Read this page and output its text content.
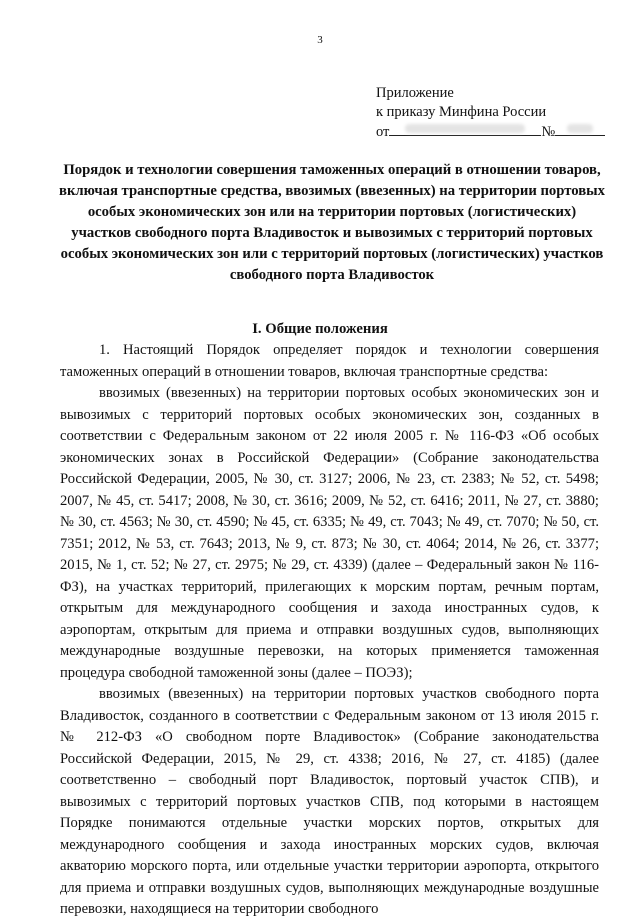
3
Приложение
к приказу Минфина России
от	№
Порядок и технологии совершения таможенных операций в отношении товаров, включая транспортные средства, ввозимых (ввезенных) на территории портовых особых экономических зон или на территории портовых (логистических) участков свободного порта Владивосток и вывозимых с территорий портовых особых экономических зон или с территорий портовых (логистических) участков свободного порта Владивосток
I. Общие положения

1. Настоящий Порядок определяет порядок и технологии совершения таможенных операций в отношении товаров, включая транспортные средства:

ввозимых (ввезенных) на территории портовых особых экономических зон и вывозимых с территорий портовых особых экономических зон, созданных в соответствии с Федеральным законом от 22 июля 2005 г. № 116-ФЗ «Об особых экономических зонах в Российской Федерации» (Собрание законодательства Российской Федерации, 2005, № 30, ст. 3127; 2006, № 23, ст. 2383; № 52, ст. 5498; 2007, № 45, ст. 5417; 2008, № 30, ст. 3616; 2009, № 52, ст. 6416; 2011, № 27, ст. 3880; № 30, ст. 4563; № 30, ст. 4590; № 45, ст. 6335; № 49, ст. 7043; № 49, ст. 7070; № 50, ст. 7351; 2012, № 53, ст. 7643; 2013, № 9, ст. 873; № 30, ст. 4064; 2014, № 26, ст. 3377; 2015, № 1, ст. 52; № 27, ст. 2975; № 29, ст. 4339) (далее – Федеральный закон № 116-ФЗ), на участках территорий, прилегающих к морским портам, речным портам, открытым для международного сообщения и захода иностранных судов, к аэропортам, открытым для приема и отправки воздушных судов, выполняющих международные воздушные перевозки, на которых применяется таможенная процедура свободной таможенной зоны (далее – ПОЭЗ);

ввозимых (ввезенных) на территории портовых участков свободного порта Владивосток, созданного в соответствии с Федеральным законом от 13 июля 2015 г. № 212-ФЗ «О свободном порте Владивосток» (Собрание законодательства Российской Федерации, 2015, № 29, ст. 4338; 2016, № 27, ст. 4185) (далее соответственно – свободный порт Владивосток, портовый участок СПВ), и вывозимых с территорий портовых участков СПВ, под которыми в настоящем Порядке понимаются отдельные участки морских портов, открытых для международного сообщения и захода иностранных морских судов, включая акваторию морского порта, или отдельные участки территории аэропорта, открытого для приема и отправки воздушных судов, выполняющих международные воздушные перевозки, находящиеся на территории свободного
